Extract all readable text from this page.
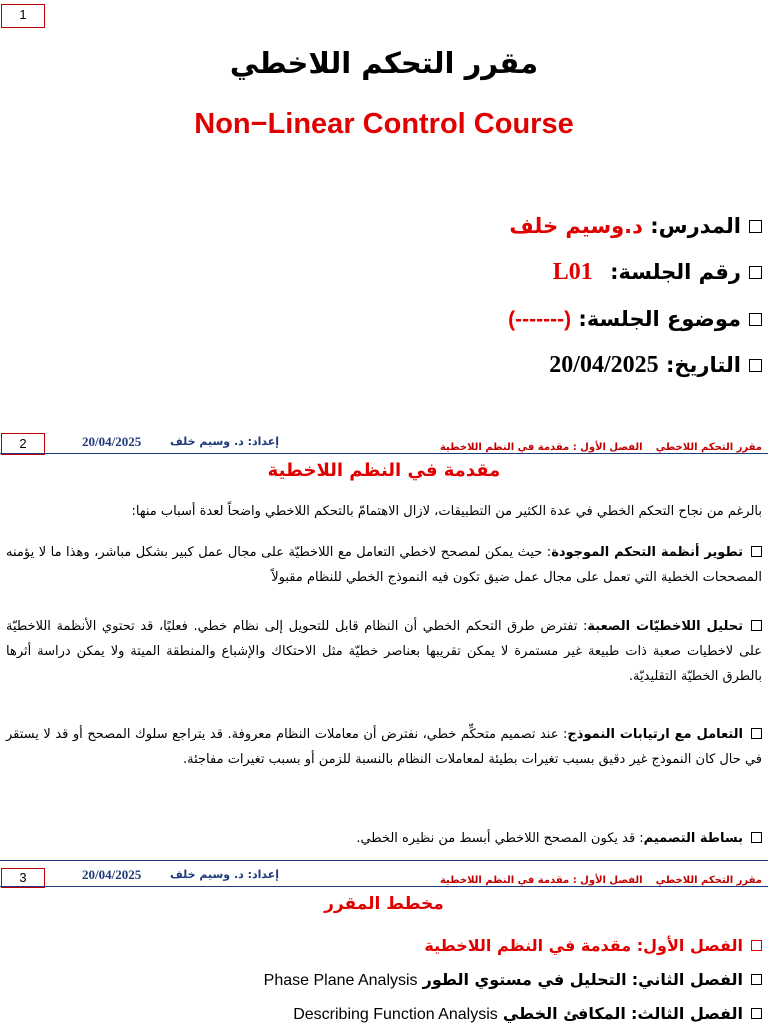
1
مقرر التحكم اللاخطي
Non−Linear Control Course
المدرس: د.وسيم خلف
رقم الجلسة: L01
موضوع الجلسة: (-------)
التاريخ: 20/04/2025
2	مقرر التحكم اللاخطي الفصل الأول : مقدمة في النظم اللاخطية
إعداد: د. وسيم خلف
20/04/2025
مقدمة في النظم اللاخطية
بالرغم من نجاح التحكم الخطي في عدة الكثير من التطبيقات، لازال الاهتمامّ بالتحكم اللاخطي واضحاً لعدة أسباب منها:
تطوير أنظمة التحكم الموجودة: حيث يمكن لمصحح لاخطي التعامل مع اللاخطيّة على مجال عمل كبير بشكل مباشر، وهذا ما لا يؤمنه المصححات الخطية التي تعمل على مجال عمل ضيق تكون فيه النموذج الخطي للنظام مقبولاً
تحليل اللاخطيّات الصعبة: تفترض طرق التحكم الخطي أن النظام قابل للتحويل إلى نظام خطي. فعليًا، قد تحتوي الأنظمة اللاخطيّة على لاخطيات صعبة ذات طبيعة غير مستمرة لا يمكن تقريبها بعناصر خطيّة مثل الاحتكاك والإشباع والمنطقة الميتة ولا يمكن دراسة أثرها بالطرق الخطيّة التقليديّة.
التعامل مع ارتيابات النموذج: عند تصميم متحكِّم خطي، نفترض أن معاملات النظام معروفة. قد يتراجع سلوك المصحح أو قد لا يستقر في حال كان النموذج غير دقيق بسبب تغيرات بطيئة لمعاملات النظام بالنسبة للزمن أو بسبب تغيرات مفاجئة.
بساطة التصميم: قد يكون المصحح اللاخطي أبسط من نظيره الخطي.
3	مقرر التحكم اللاخطي الفصل الأول : مقدمة في النظم اللاخطية
إعداد: د. وسيم خلف
20/04/2025
مخطط المقرر
الفصل الأول: مقدمة في النظم اللاخطية
الفصل الثاني: التحليل في مستوي الطور Phase Plane Analysis
الفصل الثالث: المكافئ الخطي Describing Function Analysis
